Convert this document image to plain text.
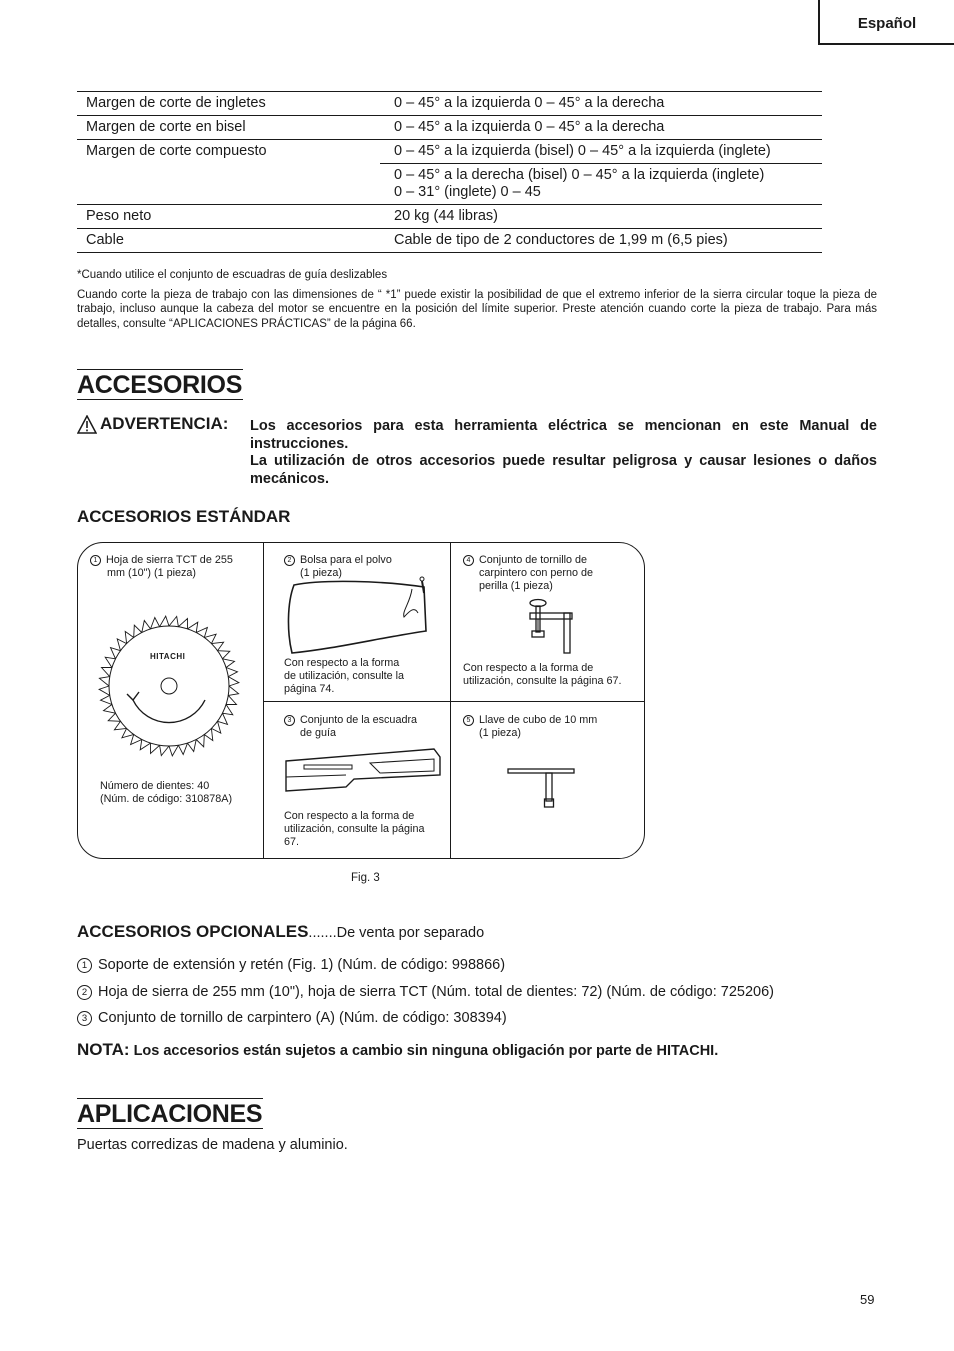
Español
Margen de corte de ingletes	0 – 45° a la izquierda 0 – 45° a la derecha
Margen de corte en bisel	0 – 45° a la izquierda 0 – 45° a la derecha
Margen de corte compuesto	0 – 45° a la izquierda (bisel) 0 – 45° a la izquierda (inglete)

	0 – 45° a la derecha (bisel) 0 – 45° a la izquierda (inglete)
0 – 31° (inglete) 0 – 45

Peso neto	20 kg (44 libras)
Cable	Cable de tipo de 2 conductores de 1,99 m (6,5 pies)

*Cuando utilice el conjunto de escuadras de guía deslizables

Cuando corte la pieza de trabajo con las dimensiones de “ *1” puede existir la posibilidad de que el extremo inferior de la sierra circular toque la pieza de trabajo, incluso aunque la cabeza del motor se encuentre en la posición del límite superior. Preste atención cuando corte la pieza de trabajo. Para más detalles, consulte “APLICACIONES PRÁCTICAS” de la página 66.

ACCESORIOS
ADVERTENCIA: Los accesorios para esta herramienta eléctrica se mencionan en este Manual de instrucciones.

La utilización de otros accesorios puede resultar peligrosa y causar lesiones o daños mecánicos.

ACCESORIOS ESTÁNDAR
1 Hoja de sierra TCT de 255
mm (10") (1 pieza)
HITACHI
Número de dientes: 40
(Núm. de código: 310878A)
2 Bolsa para el polvo
(1 pieza)
Con respecto a la forma
de utilización, consulte la
página 74.
4 Conjunto de tornillo de
carpintero con perno de
perilla (1 pieza)
Con respecto a la forma de
utilización, consulte la página 67.
3 Conjunto de la escuadra
de guía
Con respecto a la forma de
utilización, consulte la página
67.
5 Llave de cubo de 10 mm
(1 pieza)
Fig. 3
ACCESORIOS OPCIONALES.......De venta por separado
1 Soporte de extensión y retén (Fig. 1) (Núm. de código: 998866)
2 Hoja de sierra de 255 mm (10"), hoja de sierra TCT (Núm. total de dientes: 72) (Núm. de código: 725206)
3 Conjunto de tornillo de carpintero (A) (Núm. de código: 308394)
NOTA: Los accesorios están sujetos a cambio sin ninguna obligación por parte de HITACHI.
APLICACIONES
Puertas corredizas de madena y aluminio.
59
